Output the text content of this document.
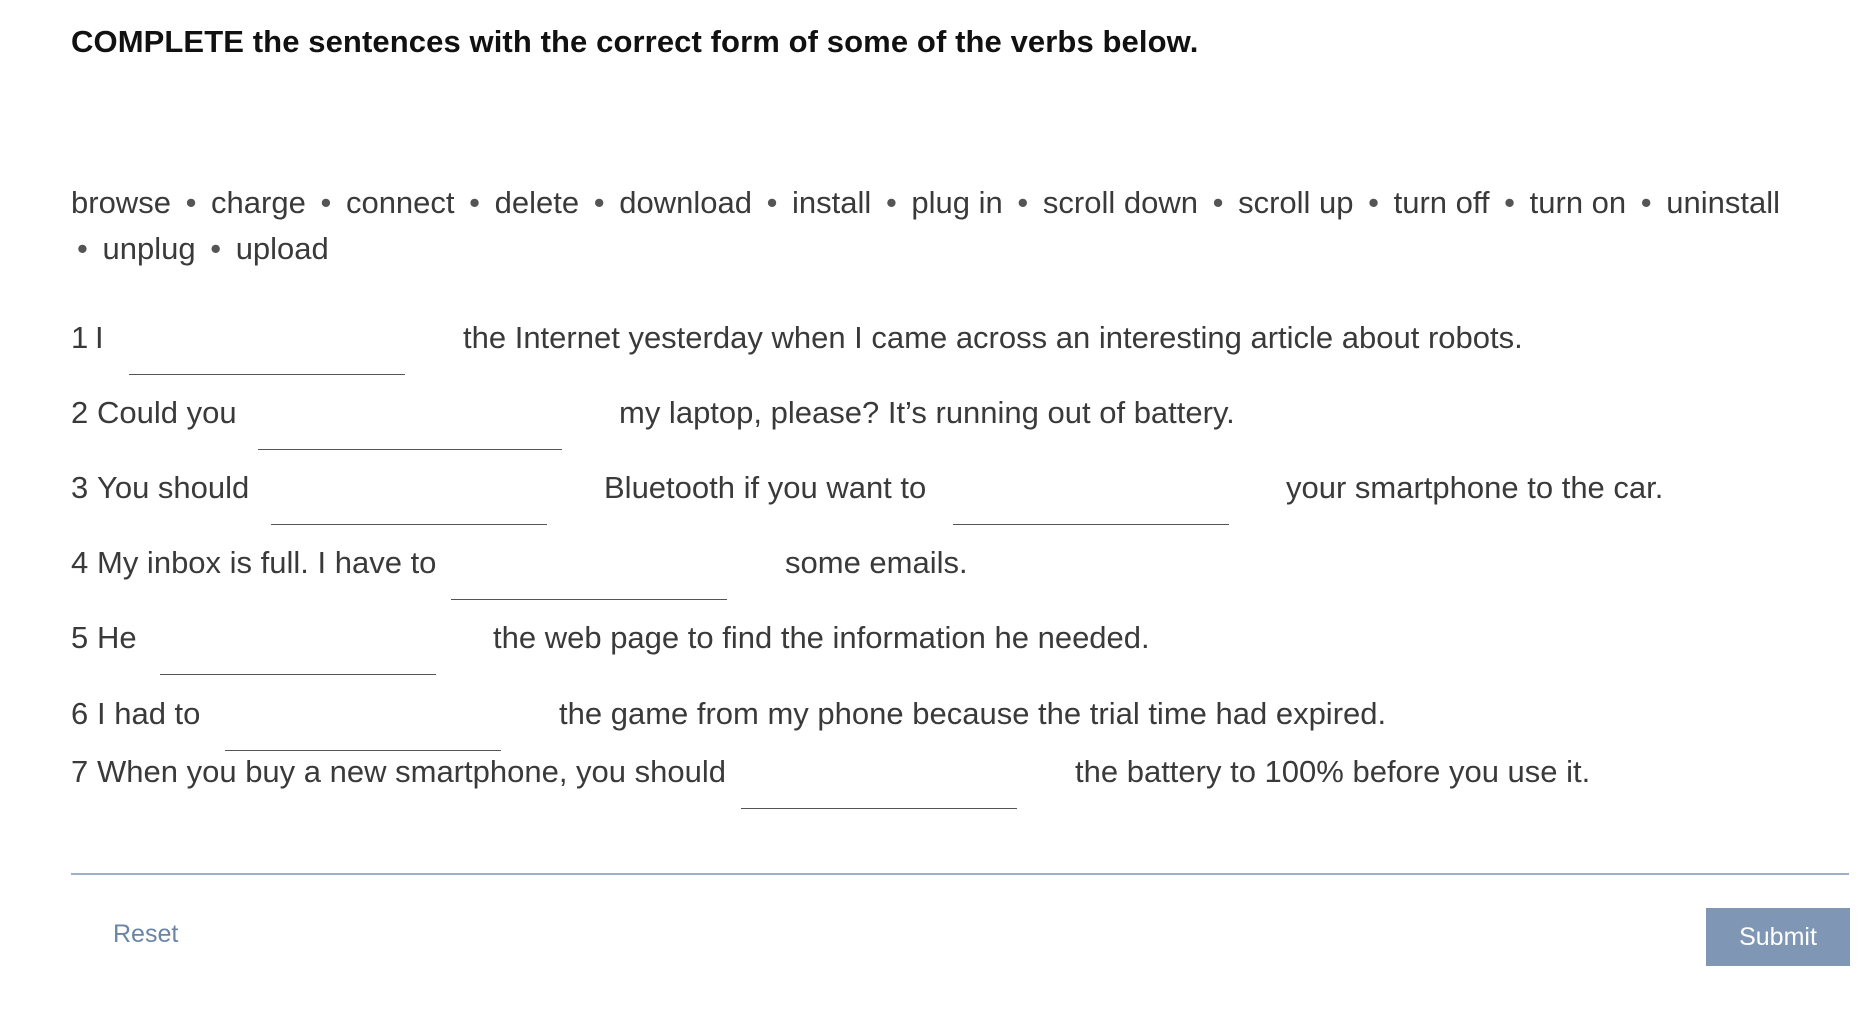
COMPLETE the sentences with the correct form of some of the verbs below.
browse • charge • connect • delete • download • install • plug in • scroll down • scroll up • turn off • turn on • uninstall • unplug • upload
1 I	the Internet yesterday when I came across an interesting article about robots.
2 Could you	my laptop, please? It’s running out of battery.
3 You should	Bluetooth if you want to	your smartphone to the car.
4 My inbox is full. I have to	some emails.
5 He	the web page to find the information he needed.
6 I had to	the game from my phone because the trial time had expired.
7 When you buy a new smartphone, you should	the battery to 100% before you use it.
Reset	Submit
